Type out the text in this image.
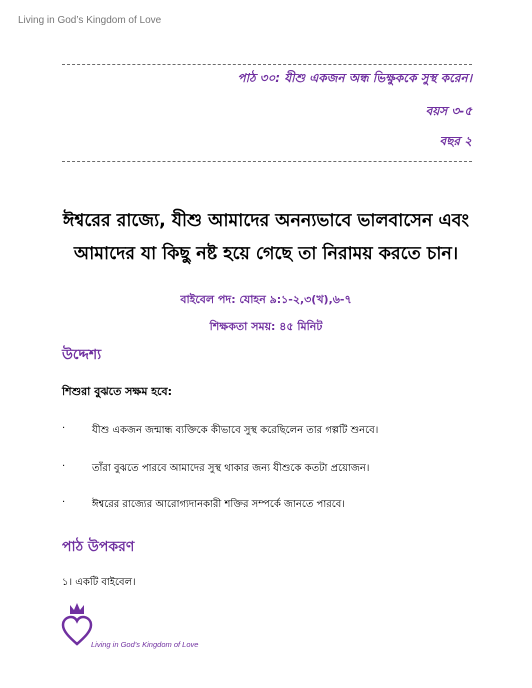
Living in God’s Kingdom of Love
পাঠ ৩০: যীশু একজন অন্ধ ভিক্ষুককে সুস্থ করেন।
বয়স ৩-৫
বছর ২
ঈশ্বরের রাজ্যে, যীশু আমাদের অনন্যভাবে ভালবাসেন এবং
আমাদের যা কিছু নষ্ট হয়ে গেছে তা নিরাময় করতে চান।
বাইবেল পদ: যোহন ৯:১-২,৩(খ),৬-৭
শিক্ষকতা সময়: ৪৫ মিনিট
উদ্দেশ্য
শিশুরা বুঝতে সক্ষম হবে:
·	যীশু একজন জন্মান্ধ ব্যক্তিকে কীভাবে সুস্থ করেছিলেন তার গল্পটি শুনবে।
·	তাঁরা বুঝতে পারবে আমাদের সুস্থ থাকার জন্য যীশুকে কতটা প্রয়োজন।
·	ঈশ্বরের রাজ্যের আরোগ্যদানকারী শক্তির সম্পর্কে জানতে পারবে।
পাঠ উপকরণ
১। একটি বাইবেল।
Living in God’s Kingdom of Love
